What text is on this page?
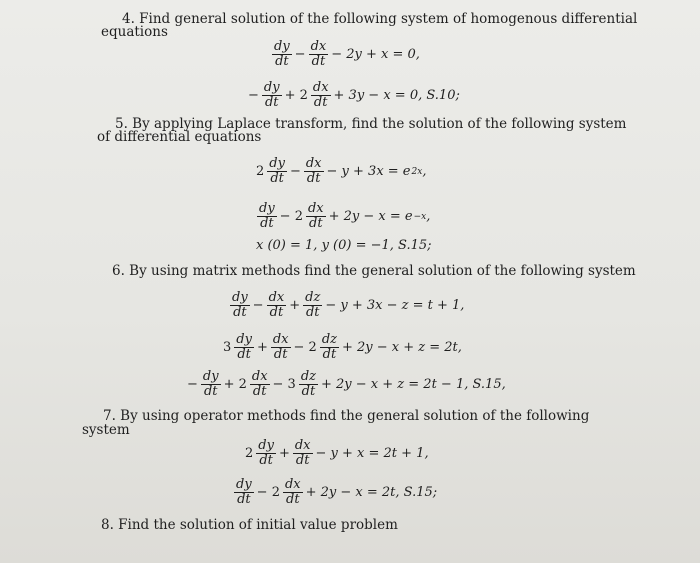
4. Find general solution of the following system of homogenous differential
equations
$\frac{dy}{dt} - \frac{dx}{dt} - 2y + x = 0$,
− $\frac{dy}{dt} + 2 \frac{dx}{dt} + 3y - x = 0$, S.10;
5. By applying Laplace transform, find the solution of the following system
of differential equations
$2 \frac{dy}{dt} - \frac{dx}{dt} - y + 3x = e$ 2x ,
$\frac{dy}{dt} - 2 \frac{dx}{dt} + 2y - x = e -x$ ,
x (0) = 1, y (0) = −1, S.15;
6. By using matrix methods find the general solution of the following system
$\frac{dy}{dt} - \frac{dx}{dt} + \frac{dz}{dt} - y + 3x - z = t + 1$,
$3 \frac{dy}{dt} + \frac{dx}{dt} - 2 \frac{dz}{dt} + 2y - x + z = 2t$,
− $\frac{dy}{dt} + 2 \frac{dx}{dt} - 3 \frac{dz}{dt} + 2y - x + z = 2t - 1$, S.15,
7. By using operator methods find the general solution of the following
system
$2 \frac{dy}{dt} + \frac{dx}{dt} - y + x = 2t + 1$,
$\frac{dy}{dt} - 2 \frac{dx}{dt} + 2y - x = 2t$, S.15;
8. Find the solution of initial value problem
